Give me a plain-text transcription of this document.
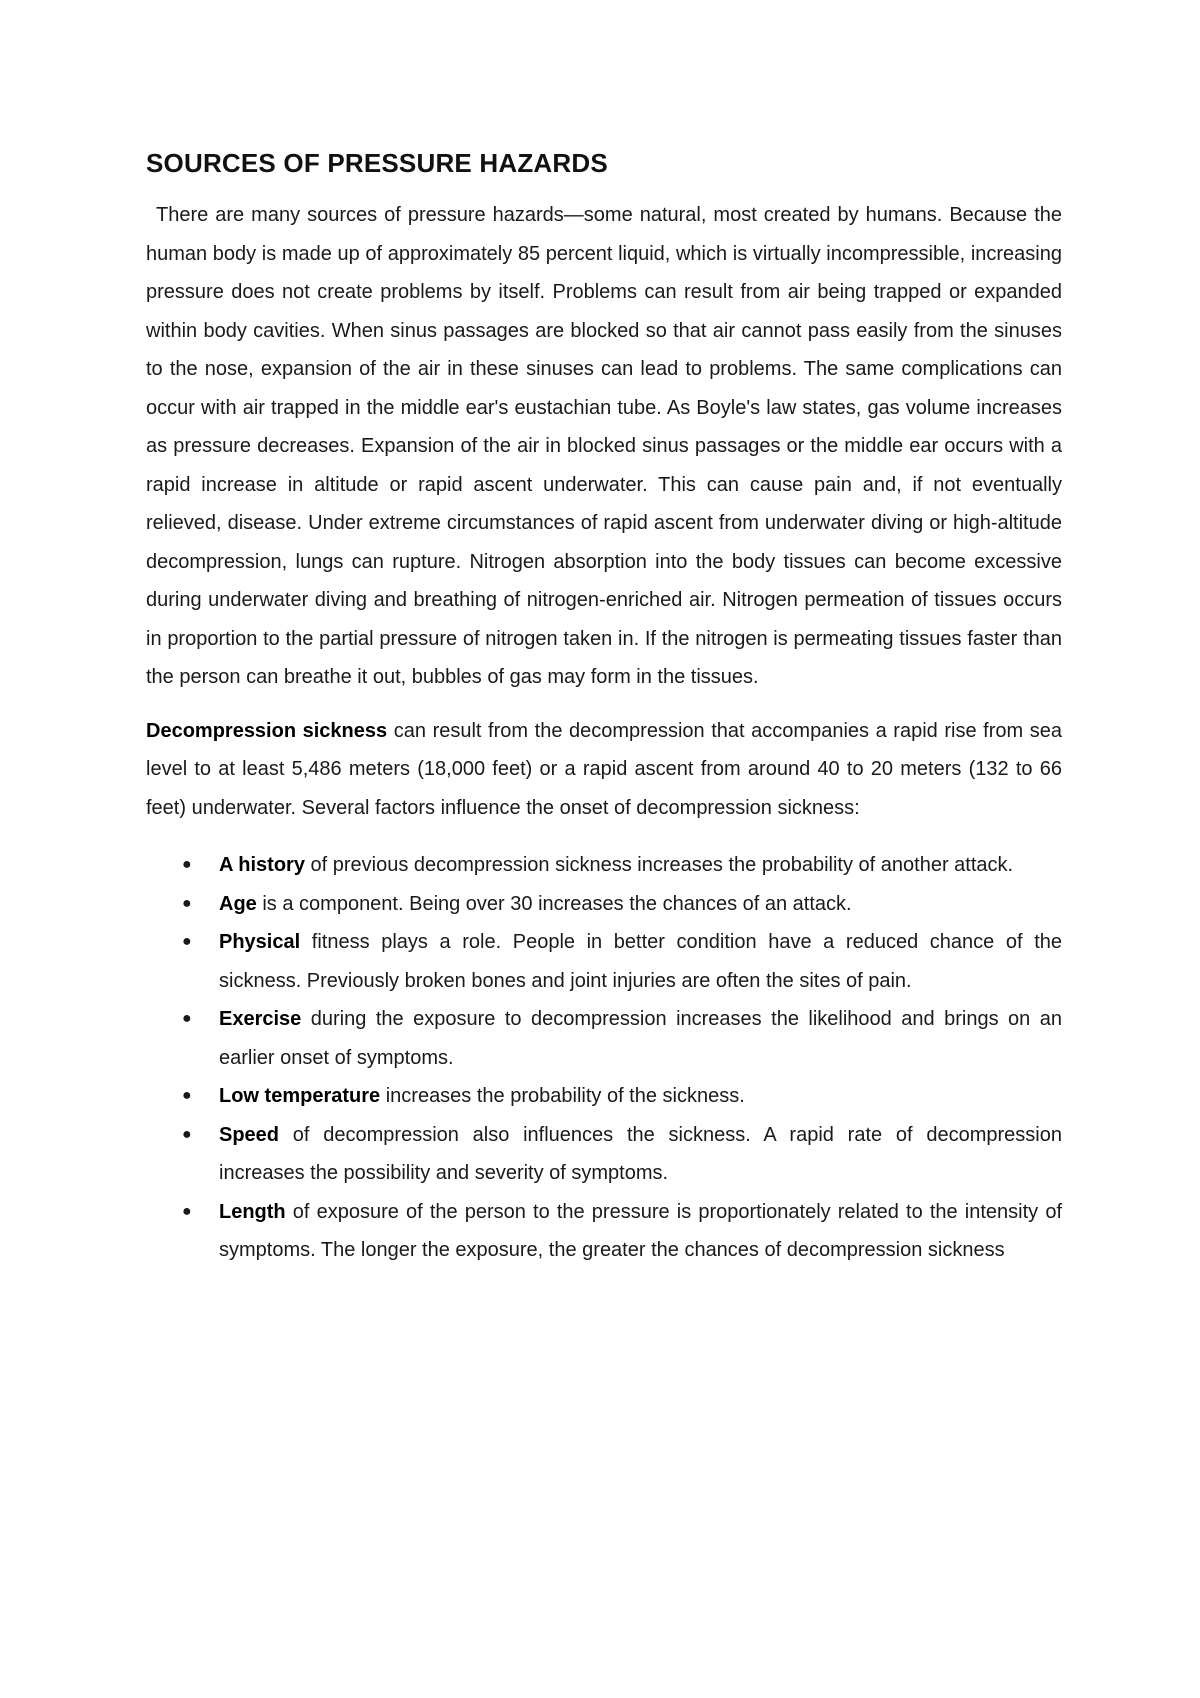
SOURCES OF PRESSURE HAZARDS

There are many sources of pressure hazards—some natural, most created by humans. Because the human body is made up of approximately 85 percent liquid, which is virtually incompressible, increasing pressure does not create problems by itself. Problems can result from air being trapped or expanded within body cavities. When sinus passages are blocked so that air cannot pass easily from the sinuses to the nose, expansion of the air in these sinuses can lead to problems. The same complications can occur with air trapped in the middle ear's eustachian tube. As Boyle's law states, gas volume increases as pressure decreases. Expansion of the air in blocked sinus passages or the middle ear occurs with a rapid increase in altitude or rapid ascent underwater. This can cause pain and, if not eventually relieved, disease. Under extreme circumstances of rapid ascent from underwater diving or high-altitude decompression, lungs can rupture. Nitrogen absorption into the body tissues can become excessive during underwater diving and breathing of nitrogen-enriched air. Nitrogen permeation of tissues occurs in proportion to the partial pressure of nitrogen taken in. If the nitrogen is permeating tissues faster than the person can breathe it out, bubbles of gas may form in the tissues.

Decompression sickness can result from the decompression that accompanies a rapid rise from sea level to at least 5,486 meters (18,000 feet) or a rapid ascent from around 40 to 20 meters (132 to 66 feet) underwater. Several factors influence the onset of decompression sickness:

● A history of previous decompression sickness increases the probability of another attack.
● Age is a component. Being over 30 increases the chances of an attack.
● Physical fitness plays a role. People in better condition have a reduced chance of the sickness. Previously broken bones and joint injuries are often the sites of pain.
● Exercise during the exposure to decompression increases the likelihood and brings on an earlier onset of symptoms.
● Low temperature increases the probability of the sickness.
● Speed of decompression also influences the sickness. A rapid rate of decompression increases the possibility and severity of symptoms.
● Length of exposure of the person to the pressure is proportionately related to the intensity of symptoms. The longer the exposure, the greater the chances of decompression sickness
